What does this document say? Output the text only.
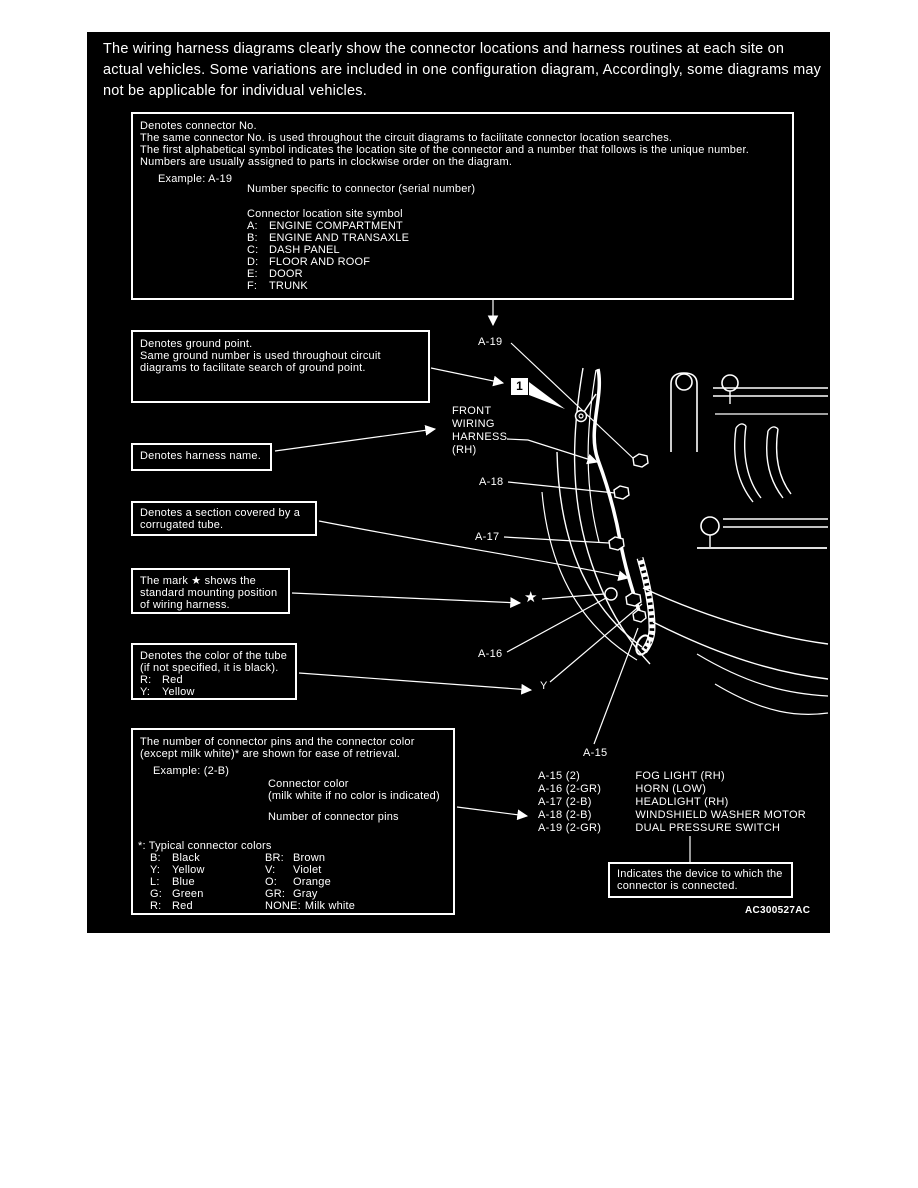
The wiring harness diagrams clearly show the connector locations and harness routines at each site on
actual vehicles. Some variations are included in one configuration diagram, Accordingly, some diagrams may
not be applicable for individual vehicles.
Denotes connector No.
The same connector No. is used throughout the circuit diagrams to facilitate connector location searches.
The first alphabetical symbol indicates the location site of the connector and a number that follows is the unique number.
Numbers are usually assigned to parts in clockwise order on the diagram.
Example: A-19
Number specific to connector (serial number)
Connector location site symbol
A:	ENGINE COMPARTMENT
B:	ENGINE AND TRANSAXLE
C: DASH PANEL
D: FLOOR AND ROOF
E:	DOOR
F:	TRUNK
Denotes ground point.
Same ground number is used throughout circuit
diagrams to facilitate search of ground point.
Denotes harness name.
Denotes a section covered by a
corrugated tube.
The mark ★ shows the
standard mounting position
of wiring harness.
Denotes the color of the tube
(if not specified, it is black).
R: Red
Y:	Yellow
The number of connector pins and the connector color
(except milk white)* are shown for ease of retrieval.
Example: (2-B)
Connector color
(milk white if no color is indicated)
Number of connector pins
*: Typical connector colors
B:	Black	BR: Brown
Y:	Yellow	V:	Violet
L:	Blue	O:	Orange
G: Green	GR: Gray
R: Red	NONE: Milk white
A-19
1
FRONT
WIRING
HARNESS
(RH)
A-18
A-17
★
A-16
Y
A-15
A-15 (2)	FOG LIGHT (RH)
A-16 (2-GR)	HORN (LOW)
A-17 (2-B)	HEADLIGHT (RH)
A-18 (2-B)	WINDSHIELD WASHER MOTOR
A-19 (2-GR)	DUAL PRESSURE SWITCH
Indicates the device to which the
connector is connected.
AC300527AC
